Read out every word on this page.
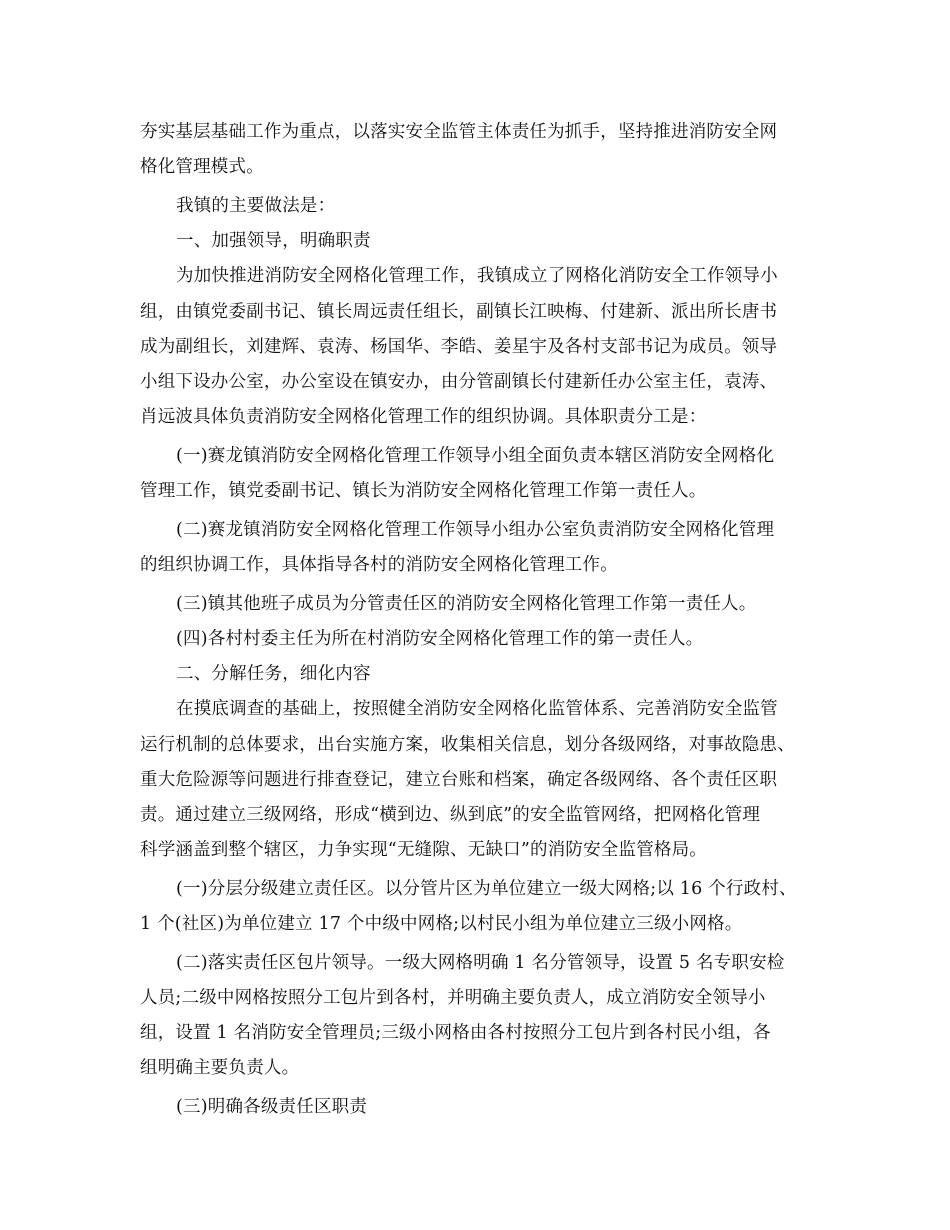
夯实基层基础工作为重点，以落实安全监管主体责任为抓手，坚持推进消防安全网
格化管理模式。
我镇的主要做法是：
一、加强领导，明确职责
为加快推进消防安全网格化管理工作，我镇成立了网格化消防安全工作领导小
组，由镇党委副书记、镇长周远责任组长，副镇长江映梅、付建新、派出所长唐书
成为副组长，刘建辉、袁涛、杨国华、李皓、姜星宇及各村支部书记为成员。领导
小组下设办公室，办公室设在镇安办，由分管副镇长付建新任办公室主任，袁涛、
肖远波具体负责消防安全网格化管理工作的组织协调。具体职责分工是：
(一)赛龙镇消防安全网格化管理工作领导小组全面负责本辖区消防安全网格化
管理工作，镇党委副书记、镇长为消防安全网格化管理工作第一责任人。
(二)赛龙镇消防安全网格化管理工作领导小组办公室负责消防安全网格化管理
的组织协调工作，具体指导各村的消防安全网格化管理工作。
(三)镇其他班子成员为分管责任区的消防安全网格化管理工作第一责任人。
(四)各村村委主任为所在村消防安全网格化管理工作的第一责任人。
二、分解任务，细化内容
在摸底调查的基础上，按照健全消防安全网格化监管体系、完善消防安全监管
运行机制的总体要求，出台实施方案，收集相关信息，划分各级网络，对事故隐患、
重大危险源等问题进行排查登记，建立台账和档案，确定各级网络、各个责任区职
责。通过建立三级网络，形成“横到边、纵到底”的安全监管网络，把网格化管理
科学涵盖到整个辖区，力争实现“无缝隙、无缺口”的消防安全监管格局。
(一)分层分级建立责任区。以分管片区为单位建立一级大网格;以 16 个行政村、
1 个(社区)为单位建立 17 个中级中网格;以村民小组为单位建立三级小网格。
(二)落实责任区包片领导。一级大网格明确 1 名分管领导，设置 5 名专职安检
人员;二级中网格按照分工包片到各村，并明确主要负责人，成立消防安全领导小
组，设置 1 名消防安全管理员;三级小网格由各村按照分工包片到各村民小组，各
组明确主要负责人。
(三)明确各级责任区职责
